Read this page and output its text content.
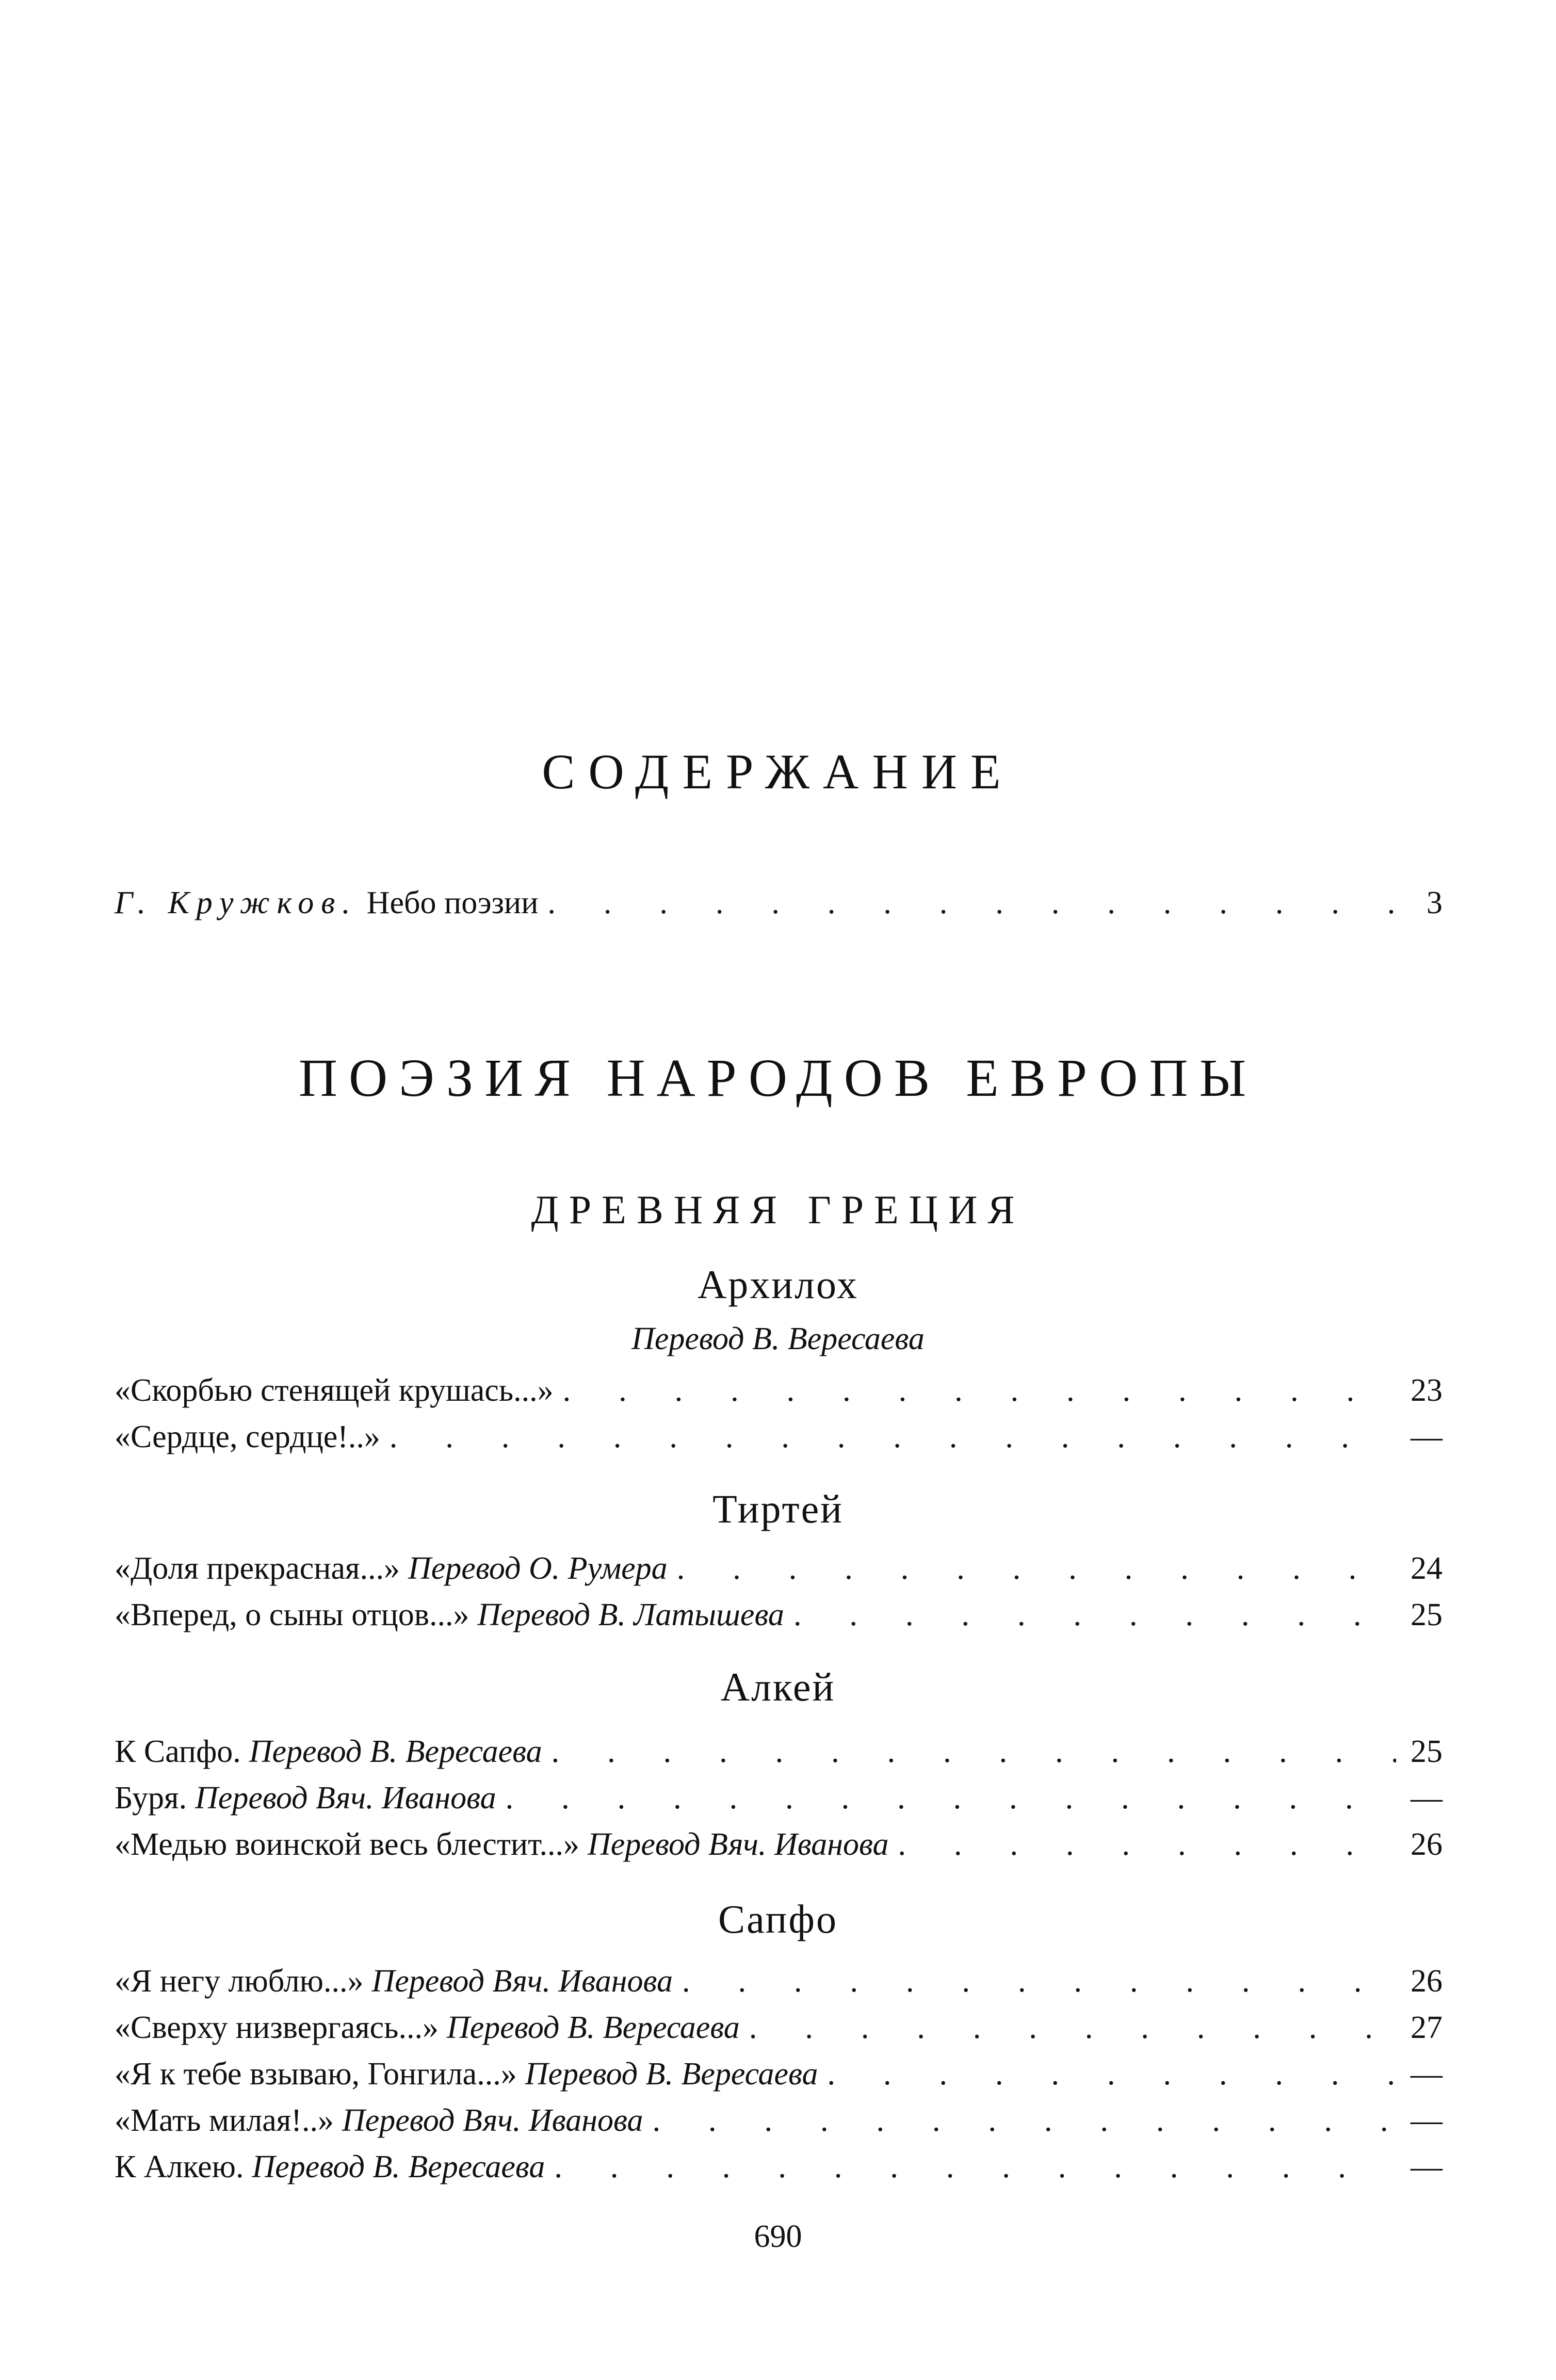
СОДЕРЖАНИЕ
Г. Кружков. Небо поэзии .	3
ПОЭЗИЯ НАРОДОВ ЕВРОПЫ
ДРЕВНЯЯ ГРЕЦИЯ
Архилох
Перевод В. Вересаева
«Скорбью стенящей крушась...» .	23
«Сердце, сердце!..» .	—
Тиртей
«Доля прекрасная...» Перевод О. Румера .	24
«Вперед, о сыны отцов...» Перевод В. Латышева .	25
Алкей
К Сапфо. Перевод В. Вересаева .	25
Буря. Перевод Вяч. Иванова .	—
«Медью воинской весь блестит...» Перевод Вяч. Иванова .	26
Сапфо
«Я негу люблю...» Перевод Вяч. Иванова .	26
«Сверху низвергаясь...» Перевод В. Вересаева .	27
«Я к тебе взываю, Гонгила...» Перевод В. Вересаева .	—
«Мать милая!..» Перевод Вяч. Иванова .	—
К Алкею. Перевод В. Вересаева .	—
690
